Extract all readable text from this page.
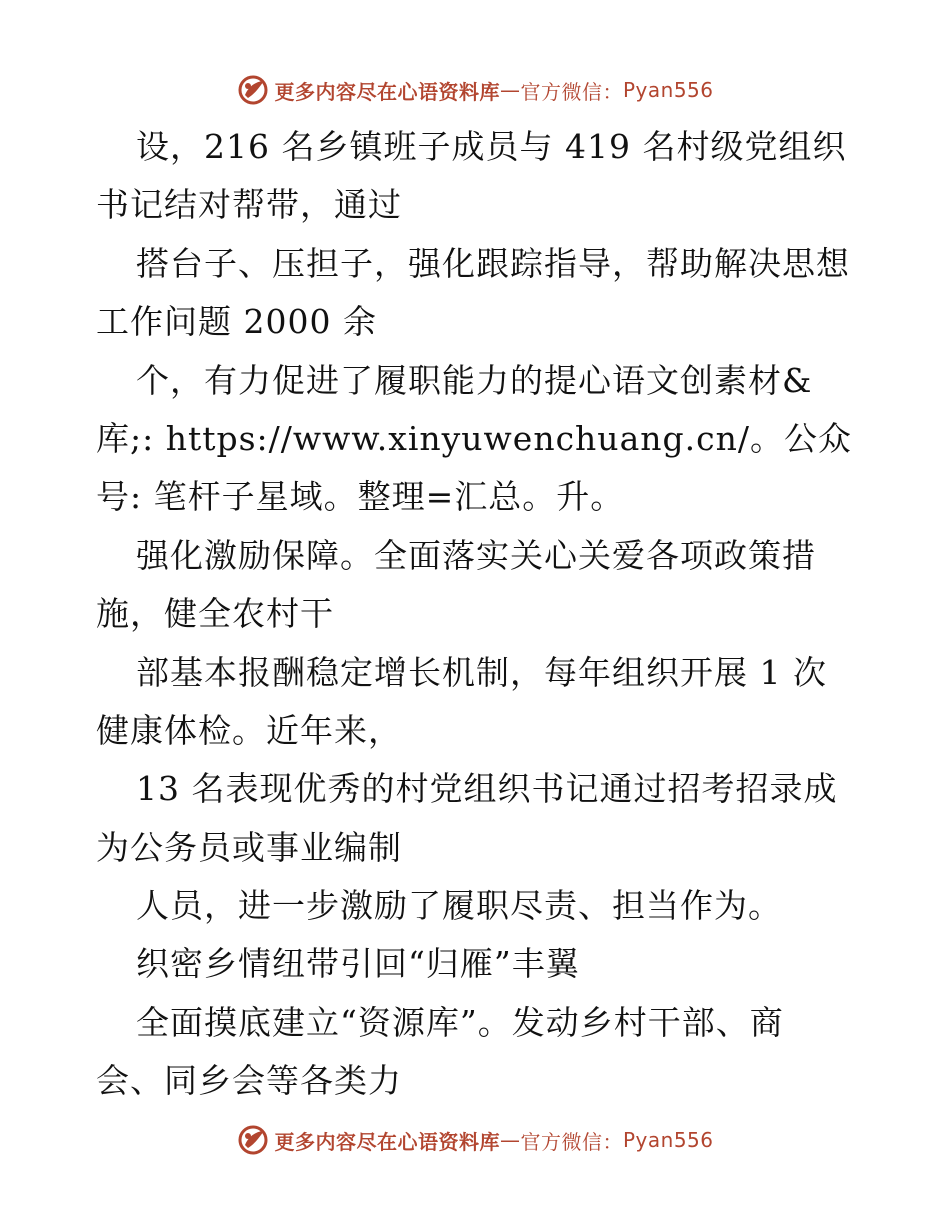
更多内容尽在心语资料库 — 官方微信： Pyan556
设，216 名乡镇班子成员与 419 名村级党组织
书记结对帮带，通过
搭台子、压担子，强化跟踪指导，帮助解决思想
工作问题 2000 余
个，有力促进了履职能力的提心语文创素材&
库;: https://www.xinyuwenchuang.cn/。公众
号: 笔杆子星域。整理=汇总。升。
强化激励保障。全面落实关心关爱各项政策措
施，健全农村干
部基本报酬稳定增长机制，每年组织开展 1 次
健康体检。近年来，
13 名表现优秀的村党组织书记通过招考招录成
为公务员或事业编制
人员，进一步激励了履职尽责、担当作为。
织密乡情纽带引回“归雁”丰翼
全面摸底建立“资源库”。发动乡村干部、商
会、同乡会等各类力
更多内容尽在心语资料库 — 官方微信： Pyan556
